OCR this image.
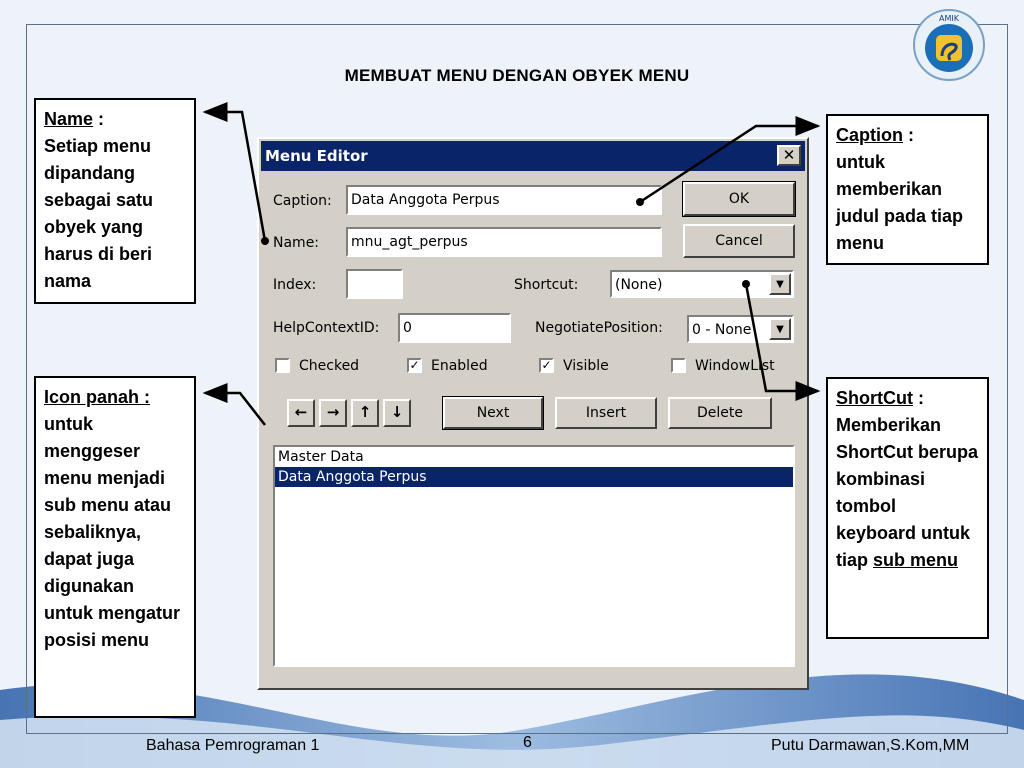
AMIK
MEMBUAT MENU DENGAN OBYEK MENU
Name :
Setiap menu dipandang sebagai satu obyek yang harus di beri nama
Icon panah :
untuk menggeser menu menjadi sub menu atau sebaliknya, dapat juga digunakan untuk mengatur posisi menu
Caption :
untuk memberikan judul pada tiap menu
ShortCut :
Memberikan ShortCut berupa kombinasi tombol keyboard untuk tiap sub menu
Menu Editor	✕
Caption:	Data Anggota Perpus
Name:	mnu_agt_perpus
OK
Cancel
Index:	Shortcut:	(None)	▼
HelpContextID:	0	NegotiatePosition:	0 - None	▼
Checked	✓ Enabled	✓ Visible	WindowList
←	→	↑	↓	Next	Insert	Delete
Master Data
Data Anggota Perpus
Bahasa Pemrograman 1	6	Putu Darmawan,S.Kom,MM
